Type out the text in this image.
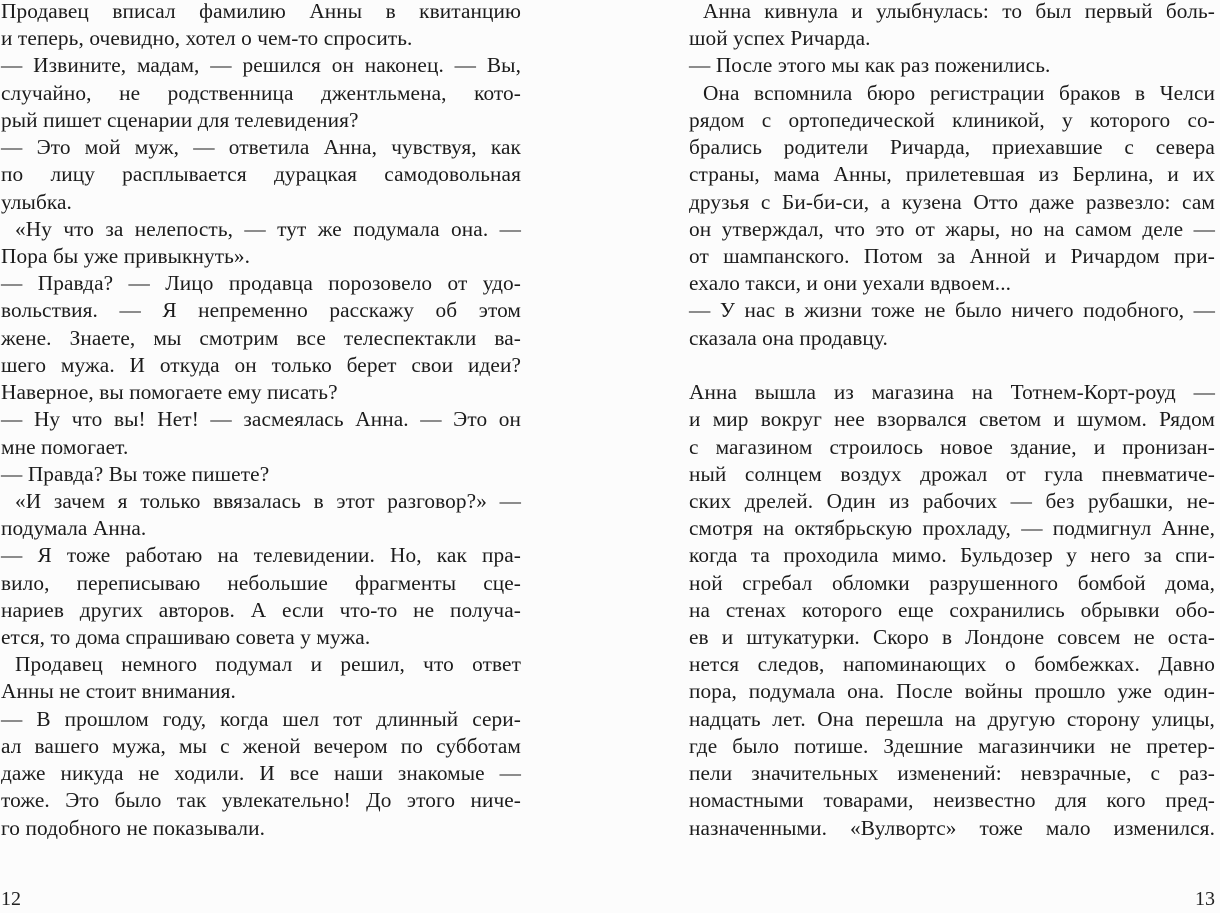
Продавец вписал фамилию Анны в квитанцию
и теперь, очевидно, хотел о чем-то спросить.
— Извините, мадам, — решился он наконец. — Вы,
случайно, не родственница джентльмена, кото-
рый пишет сценарии для телевидения?
— Это мой муж, — ответила Анна, чувствуя, как
по лицу расплывается дурацкая самодовольная
улыбка.
«Ну что за нелепость, — тут же подумала она. —
Пора бы уже привыкнуть».
— Правда? — Лицо продавца порозовело от удо-
вольствия. — Я непременно расскажу об этом
жене. Знаете, мы смотрим все телеспектакли ва-
шего мужа. И откуда он только берет свои идеи?
Наверное, вы помогаете ему писать?
— Ну что вы! Нет! — засмеялась Анна. — Это он
мне помогает.
— Правда? Вы тоже пишете?
«И зачем я только ввязалась в этот разговор?» —
подумала Анна.
— Я тоже работаю на телевидении. Но, как пра-
вило, переписываю небольшие фрагменты сце-
нариев других авторов. А если что-то не получа-
ется, то дома спрашиваю совета у мужа.
Продавец немного подумал и решил, что ответ
Анны не стоит внимания.
— В прошлом году, когда шел тот длинный сери-
ал вашего мужа, мы с женой вечером по субботам
даже никуда не ходили. И все наши знакомые —
тоже. Это было так увлекательно! До этого ниче-
го подобного не показывали.
12
Анна кивнула и улыбнулась: то был первый боль-
шой успех Ричарда.
— После этого мы как раз поженились.
Она вспомнила бюро регистрации браков в Челси
рядом с ортопедической клиникой, у которого со-
брались родители Ричарда, приехавшие с севера
страны, мама Анны, прилетевшая из Берлина, и их
друзья с Би-би-си, а кузена Отто даже развезло: сам
он утверждал, что это от жары, но на самом деле —
от шампанского. Потом за Анной и Ричардом при-
ехало такси, и они уехали вдвоем...
— У нас в жизни тоже не было ничего подобного, —
сказала она продавцу.
Анна вышла из магазина на Тотнем-Корт-роуд —
и мир вокруг нее взорвался светом и шумом. Рядом
с магазином строилось новое здание, и пронизан-
ный солнцем воздух дрожал от гула пневматиче-
ских дрелей. Один из рабочих — без рубашки, не-
смотря на октябрьскую прохладу, — подмигнул Анне,
когда та проходила мимо. Бульдозер у него за спи-
ной сгребал обломки разрушенного бомбой дома,
на стенах которого еще сохранились обрывки обо-
ев и штукатурки. Скоро в Лондоне совсем не оста-
нется следов, напоминающих о бомбежках. Давно
пора, подумала она. После войны прошло уже один-
надцать лет. Она перешла на другую сторону улицы,
где было потише. Здешние магазинчики не претер-
пели значительных изменений: невзрачные, с раз-
номастными товарами, неизвестно для кого пред-
назначенными. «Вулвортс» тоже мало изменился.
13
